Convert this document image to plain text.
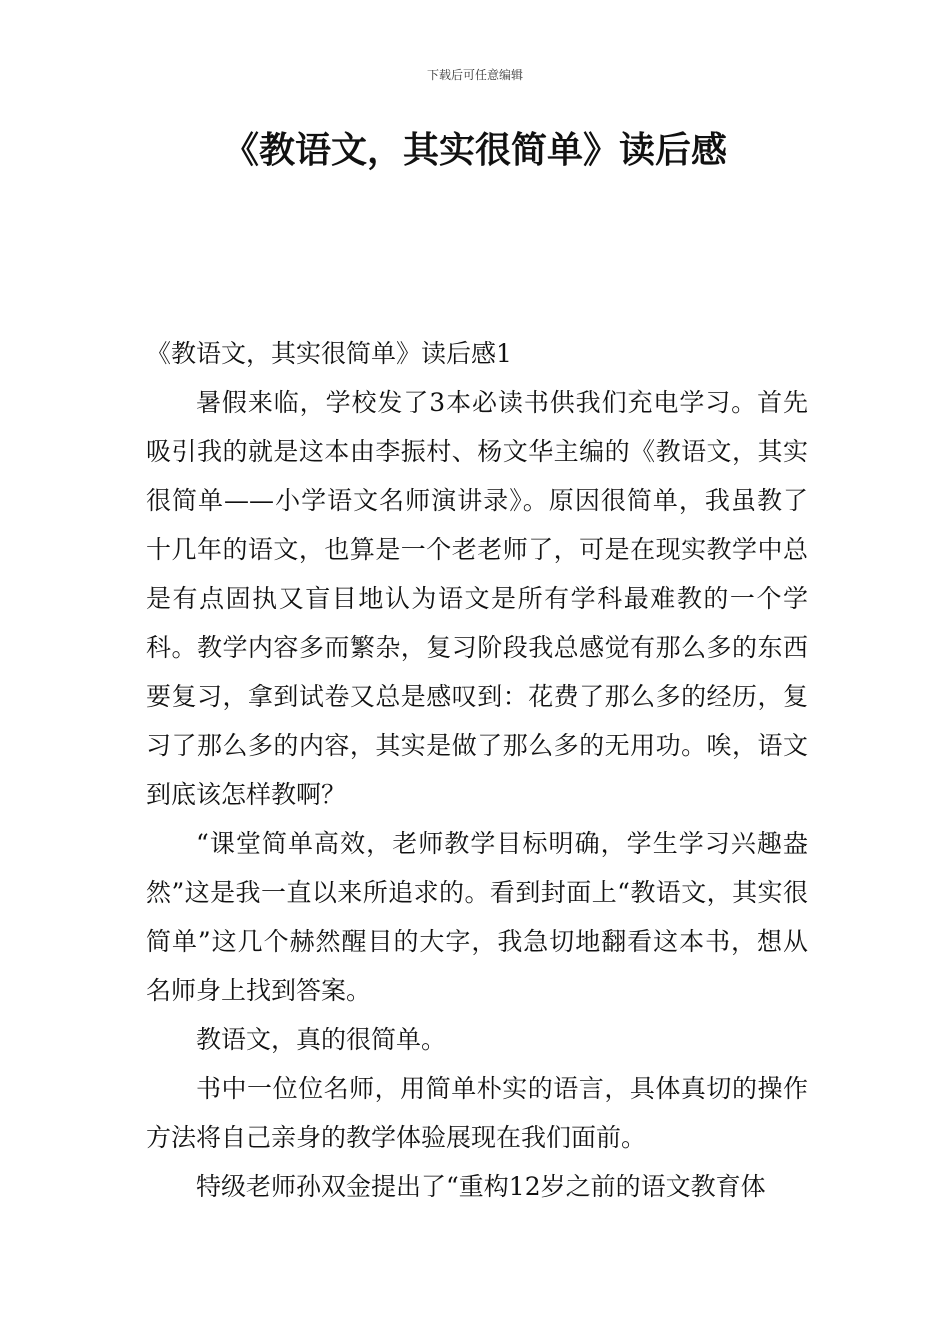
下载后可任意编辑
《教语文，其实很简单》读后感

《教语文，其实很简单》读后感1

暑假来临，学校发了3本必读书供我们充电学习。首先吸引我的就是这本由李振村、杨文华主编的《教语文，其实很简单——小学语文名师演讲录》。原因很简单，我虽教了十几年的语文，也算是一个老老师了，可是在现实教学中总是有点固执又盲目地认为语文是所有学科最难教的一个学科。教学内容多而繁杂，复习阶段我总感觉有那么多的东西要复习，拿到试卷又总是感叹到：花费了那么多的经历，复习了那么多的内容，其实是做了那么多的无用功。唉，语文到底该怎样教啊？

“课堂简单高效，老师教学目标明确，学生学习兴趣盎然”这是我一直以来所追求的。看到封面上“教语文，其实很简单”这几个赫然醒目的大字，我急切地翻看这本书，想从名师身上找到答案。

教语文，真的很简单。

书中一位位名师，用简单朴实的语言，具体真切的操作方法将自己亲身的教学体验展现在我们面前。

特级老师孙双金提出了“重构12岁之前的语文教育体
